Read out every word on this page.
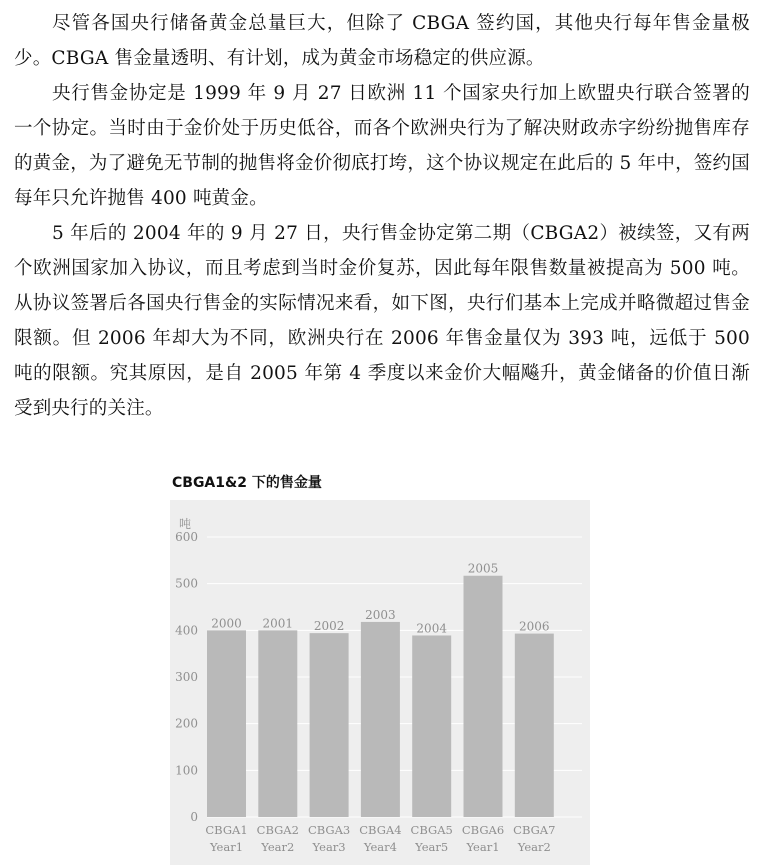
尽管各国央行储备黄金总量巨大，但除了 CBGA 签约国，其他央行每年售金量极少。CBGA 售金量透明、有计划，成为黄金市场稳定的供应源。

央行售金协定是 1999 年 9 月 27 日欧洲 11 个国家央行加上欧盟央行联合签署的一个协定。当时由于金价处于历史低谷，而各个欧洲央行为了解决财政赤字纷纷抛售库存的黄金，为了避免无节制的抛售将金价彻底打垮，这个协议规定在此后的 5 年中，签约国每年只允许抛售 400 吨黄金。

5 年后的 2004 年的 9 月 27 日，央行售金协定第二期（CBGA2）被续签，又有两个欧洲国家加入协议，而且考虑到当时金价复苏，因此每年限售数量被提高为 500 吨。从协议签署后各国央行售金的实际情况来看，如下图，央行们基本上完成并略微超过售金限额。但 2006 年却大为不同，欧洲央行在 2006 年售金量仅为 393 吨，远低于 500 吨的限额。究其原因，是自 2005 年第 4 季度以来金价大幅飚升，黄金储备的价值日渐受到央行的关注。

CBGA1&2 下的售金量
2000 2001 2002
2003
2004
2005
2006
0
100
200
300
400
500
600
CBGA1
Year1
CBGA2
Year2
CBGA3
Year3
CBGA4
Year4
CBGA5
Year5
CBGA6
Year1
CBGA7
Year2
吨
